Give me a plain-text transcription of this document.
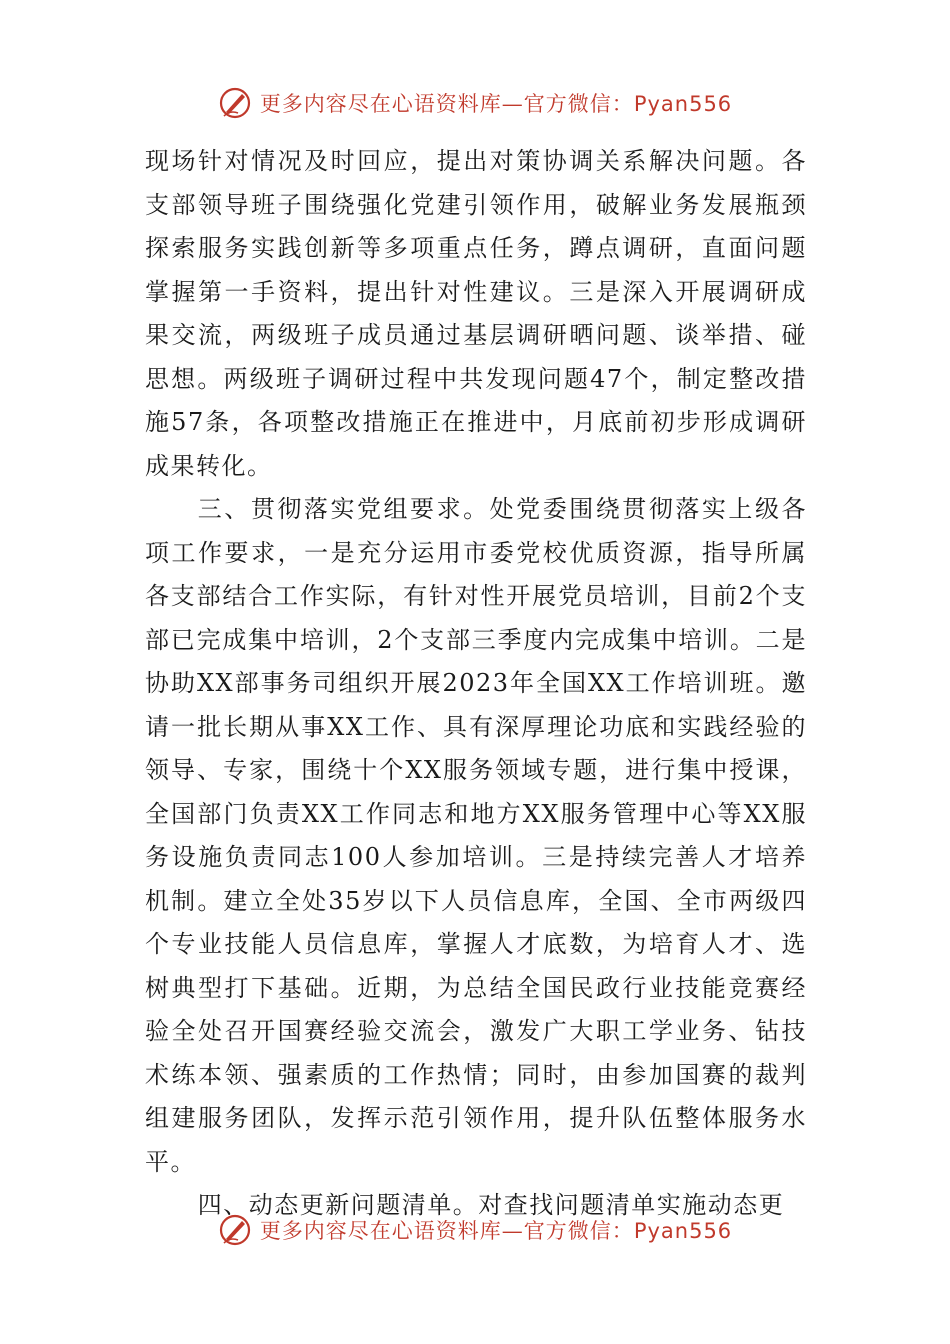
更多内容尽在心语资料库—官方微信：Pyan556

现场针对情况及时回应，提出对策协调关系解决问题。各支部领导班子围绕强化党建引领作用，破解业务发展瓶颈探索服务实践创新等多项重点任务，蹲点调研，直面问题掌握第一手资料，提出针对性建议。三是深入开展调研成果交流，两级班子成员通过基层调研晒问题、谈举措、碰思想。两级班子调研过程中共发现问题47个，制定整改措施57条，各项整改措施正在推进中，月底前初步形成调研成果转化。

三、贯彻落实党组要求。处党委围绕贯彻落实上级各项工作要求，一是充分运用市委党校优质资源，指导所属各支部结合工作实际，有针对性开展党员培训，目前2个支部已完成集中培训，2个支部三季度内完成集中培训。二是协助XX部事务司组织开展2023年全国XX工作培训班。邀请一批长期从事XX工作、具有深厚理论功底和实践经验的领导、专家，围绕十个XX服务领域专题，进行集中授课，全国部门负责XX工作同志和地方XX服务管理中心等XX服务设施负责同志100人参加培训。三是持续完善人才培养机制。建立全处35岁以下人员信息库，全国、全市两级四个专业技能人员信息库，掌握人才底数，为培育人才、选树典型打下基础。近期，为总结全国民政行业技能竞赛经验全处召开国赛经验交流会，激发广大职工学业务、钻技术练本领、强素质的工作热情；同时，由参加国赛的裁判组建服务团队，发挥示范引领作用，提升队伍整体服务水平。

四、动态更新问题清单。对查找问题清单实施动态更

更多内容尽在心语资料库—官方微信：Pyan556
